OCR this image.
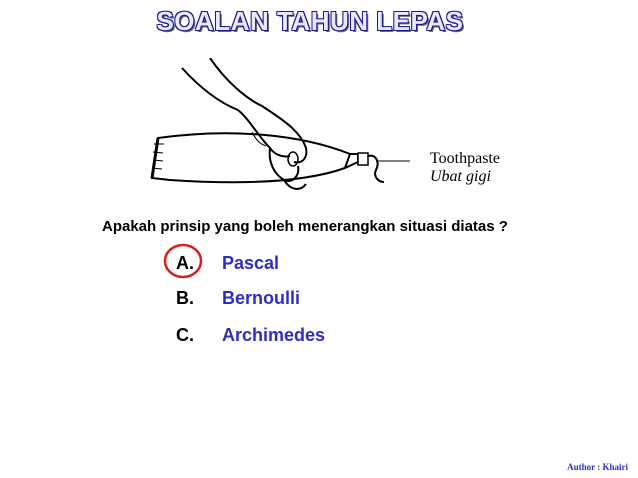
SOALAN TAHUN LEPAS
Toothpaste
Ubat gigi
Apakah prinsip yang boleh menerangkan situasi diatas ?
A. Pascal
B. Bernoulli
C. Archimedes
Author : Khairi
